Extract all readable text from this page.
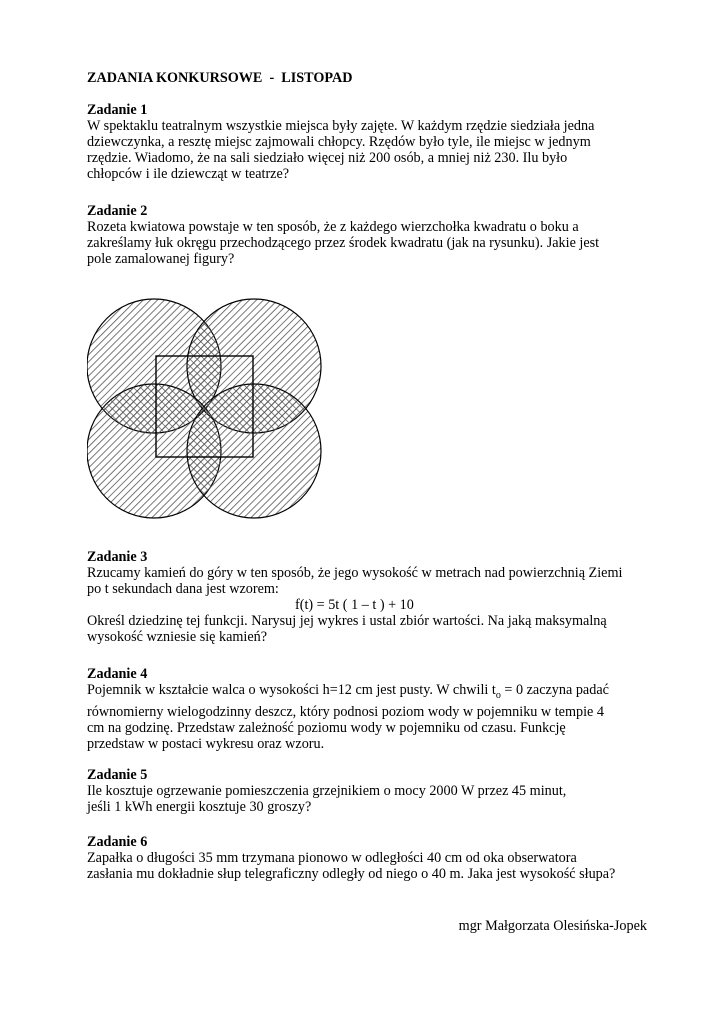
ZADANIA KONKURSOWE  -  LISTOPAD

Zadanie 1

W spektaklu teatralnym wszystkie miejsca były zajęte. W każdym rzędzie siedziała jedna

dziewczynka, a resztę miejsc zajmowali chłopcy. Rzędów było tyle, ile miejsc w jednym

rzędzie. Wiadomo, że na sali siedziało więcej niż 200 osób, a mniej niż 230. Ilu było

chłopców i ile dziewcząt w teatrze?

Zadanie 2

Rozeta kwiatowa powstaje w ten sposób, że z każdego wierzchołka kwadratu o boku a

zakreślamy łuk okręgu przechodzącego przez środek kwadratu (jak na rysunku). Jakie jest

pole zamalowanej figury?

Zadanie 3

Rzucamy kamień do góry w ten sposób, że jego wysokość w metrach nad powierzchnią Ziemi

po t sekundach dana jest wzorem:

f(t) = 5t ( 1 – t ) + 10

Określ dziedzinę tej funkcji. Narysuj jej wykres i ustal zbiór wartości. Na jaką maksymalną

wysokość wzniesie się kamień?

Zadanie 4

Pojemnik w kształcie walca o wysokości h=12 cm jest pusty. W chwili $t_o = 0$ zaczyna padać

równomierny wielogodzinny deszcz, który podnosi poziom wody w pojemniku w tempie 4

cm na godzinę. Przedstaw zależność poziomu wody w pojemniku od czasu. Funkcję

przedstaw w postaci wykresu oraz wzoru.

Zadanie 5

Ile kosztuje ogrzewanie pomieszczenia grzejnikiem o mocy 2000 W przez 45 minut,

jeśli 1 kWh energii kosztuje 30 groszy?

Zadanie 6

Zapałka o długości 35 mm trzymana pionowo w odległości 40 cm od oka obserwatora

zasłania mu dokładnie słup telegraficzny odległy od niego o 40 m. Jaka jest wysokość słupa?

mgr Małgorzata Olesińska-Jopek
